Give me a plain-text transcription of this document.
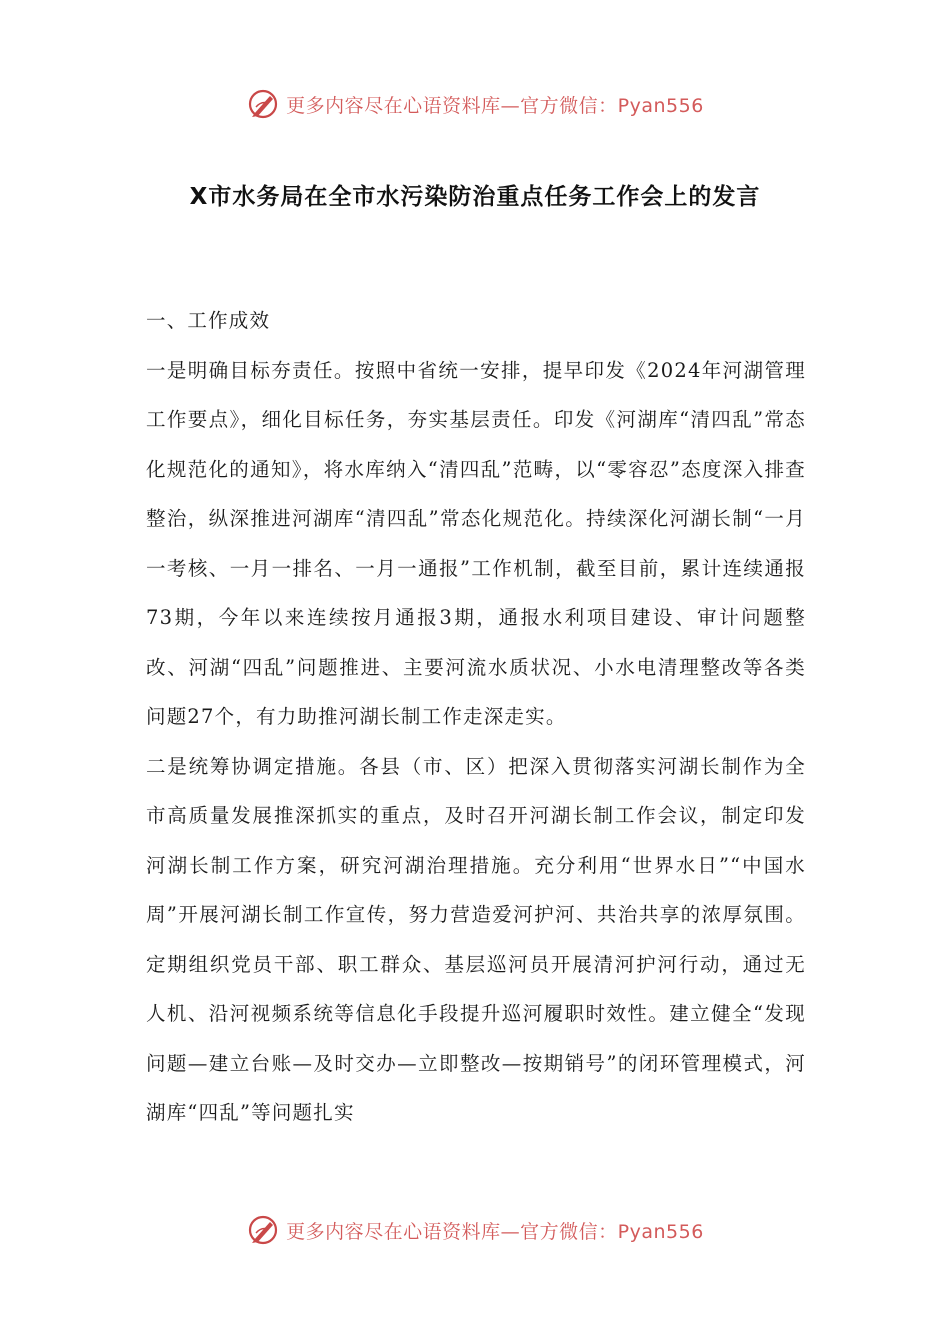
更多内容尽在心语资料库—官方微信：Pyan556
X市水务局在全市水污染防治重点任务工作会上的发言

一、工作成效

一是明确目标夯责任。按照中省统一安排，提早印发《2024年河湖管理工作要点》，细化目标任务，夯实基层责任。印发《河湖库“清四乱”常态化规范化的通知》，将水库纳入“清四乱”范畴，以“零容忍”态度深入排查整治，纵深推进河湖库“清四乱”常态化规范化。持续深化河湖长制“一月一考核、一月一排名、一月一通报”工作机制，截至目前，累计连续通报73期，今年以来连续按月通报3期，通报水利项目建设、审计问题整改、河湖“四乱”问题推进、主要河流水质状况、小水电清理整改等各类问题27个，有力助推河湖长制工作走深走实。

二是统筹协调定措施。各县（市、区）把深入贯彻落实河湖长制作为全市高质量发展推深抓实的重点，及时召开河湖长制工作会议，制定印发河湖长制工作方案，研究河湖治理措施。充分利用“世界水日”“中国水周”开展河湖长制工作宣传，努力营造爱河护河、共治共享的浓厚氛围。定期组织党员干部、职工群众、基层巡河员开展清河护河行动，通过无人机、沿河视频系统等信息化手段提升巡河履职时效性。建立健全“发现问题—建立台账—及时交办—立即整改—按期销号”的闭环管理模式，河湖库“四乱”等问题扎实

更多内容尽在心语资料库—官方微信：Pyan556
